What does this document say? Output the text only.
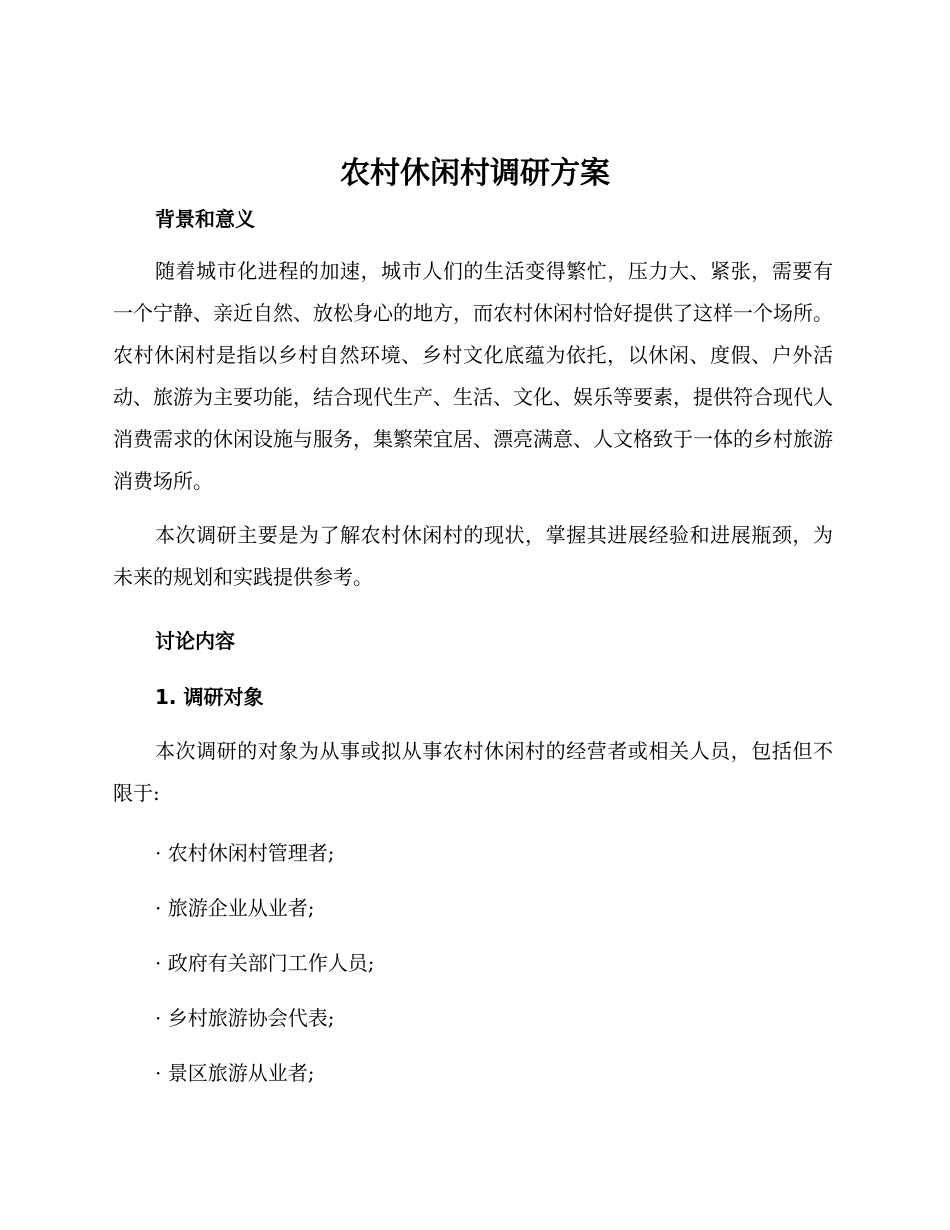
农村休闲村调研方案
背景和意义

随着城市化进程的加速，城市人们的生活变得繁忙，压力大、紧张，需要有一个宁静、亲近自然、放松身心的地方，而农村休闲村恰好提供了这样一个场所。农村休闲村是指以乡村自然环境、乡村文化底蕴为依托，以休闲、度假、户外活动、旅游为主要功能，结合现代生产、生活、文化、娱乐等要素，提供符合现代人消费需求的休闲设施与服务，集繁荣宜居、漂亮满意、人文格致于一体的乡村旅游消费场所。

本次调研主要是为了解农村休闲村的现状，掌握其进展经验和进展瓶颈，为未来的规划和实践提供参考。

讨论内容
1. 调研对象

本次调研的对象为从事或拟从事农村休闲村的经营者或相关人员，包括但不限于:

· 农村休闲村管理者;

· 旅游企业从业者;

· 政府有关部门工作人员;

· 乡村旅游协会代表;

· 景区旅游从业者;
